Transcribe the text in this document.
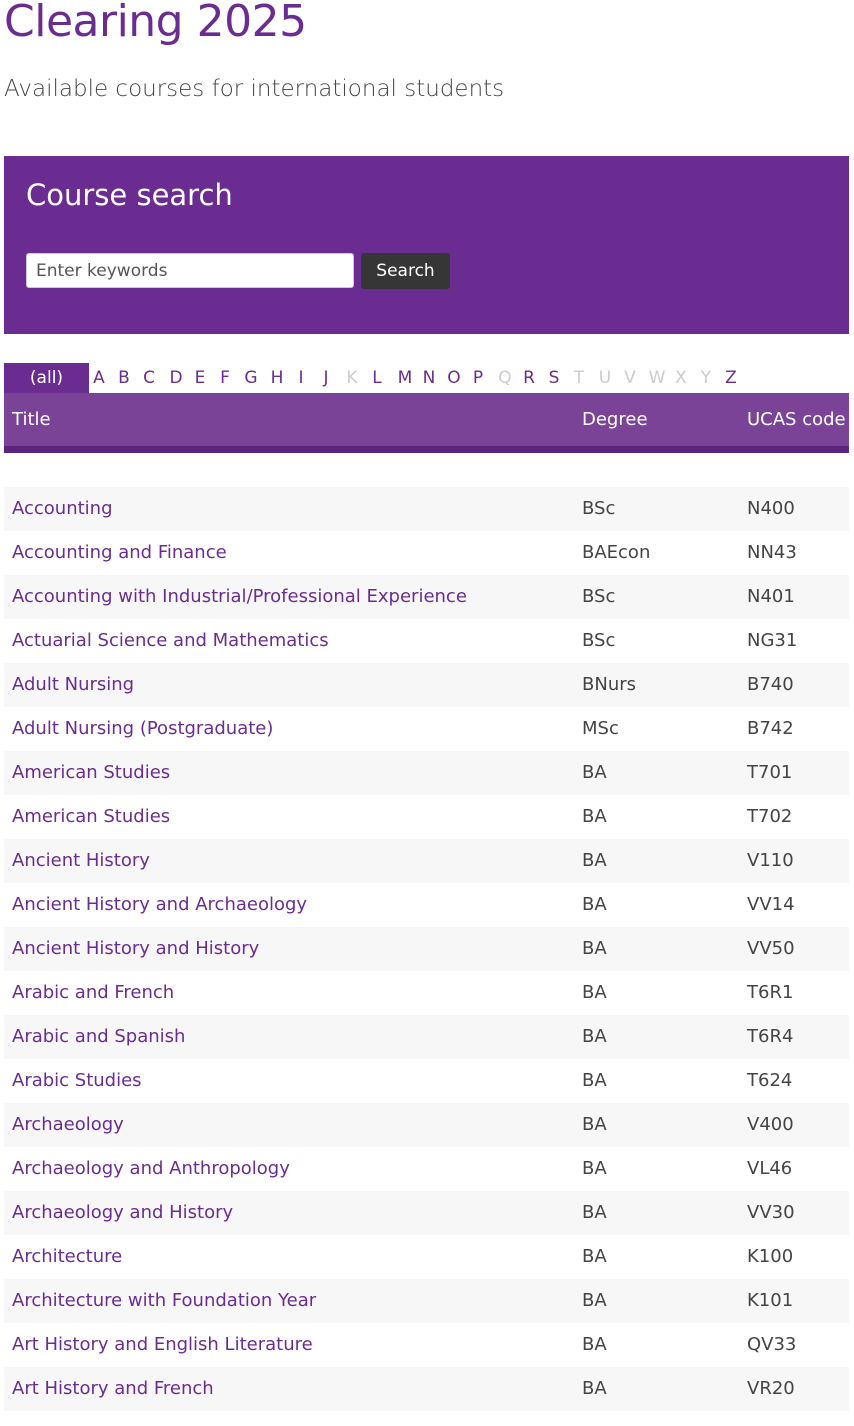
Clearing 2025

Available courses for international students

Course search
Enter keywords
Search
(all)	A B C D E F G H I	J	K L M N O P Q R S T U V W X Y Z
Title	Degree	UCAS code
Accounting	BSc	N400
Accounting and Finance	BAEcon	NN43
Accounting with Industrial/Professional Experience	BSc	N401
Actuarial Science and Mathematics	BSc	NG31
Adult Nursing	BNurs	B740
Adult Nursing (Postgraduate)	MSc	B742
American Studies	BA	T701
American Studies	BA	T702
Ancient History	BA	V110
Ancient History and Archaeology	BA	VV14
Ancient History and History	BA	VV50
Arabic and French	BA	T6R1
Arabic and Spanish	BA	T6R4
Arabic Studies	BA	T624
Archaeology	BA	V400
Archaeology and Anthropology	BA	VL46
Archaeology and History	BA	VV30
Architecture	BA	K100
Architecture with Foundation Year	BA	K101
Art History and English Literature	BA	QV33
Art History and French	BA	VR20
